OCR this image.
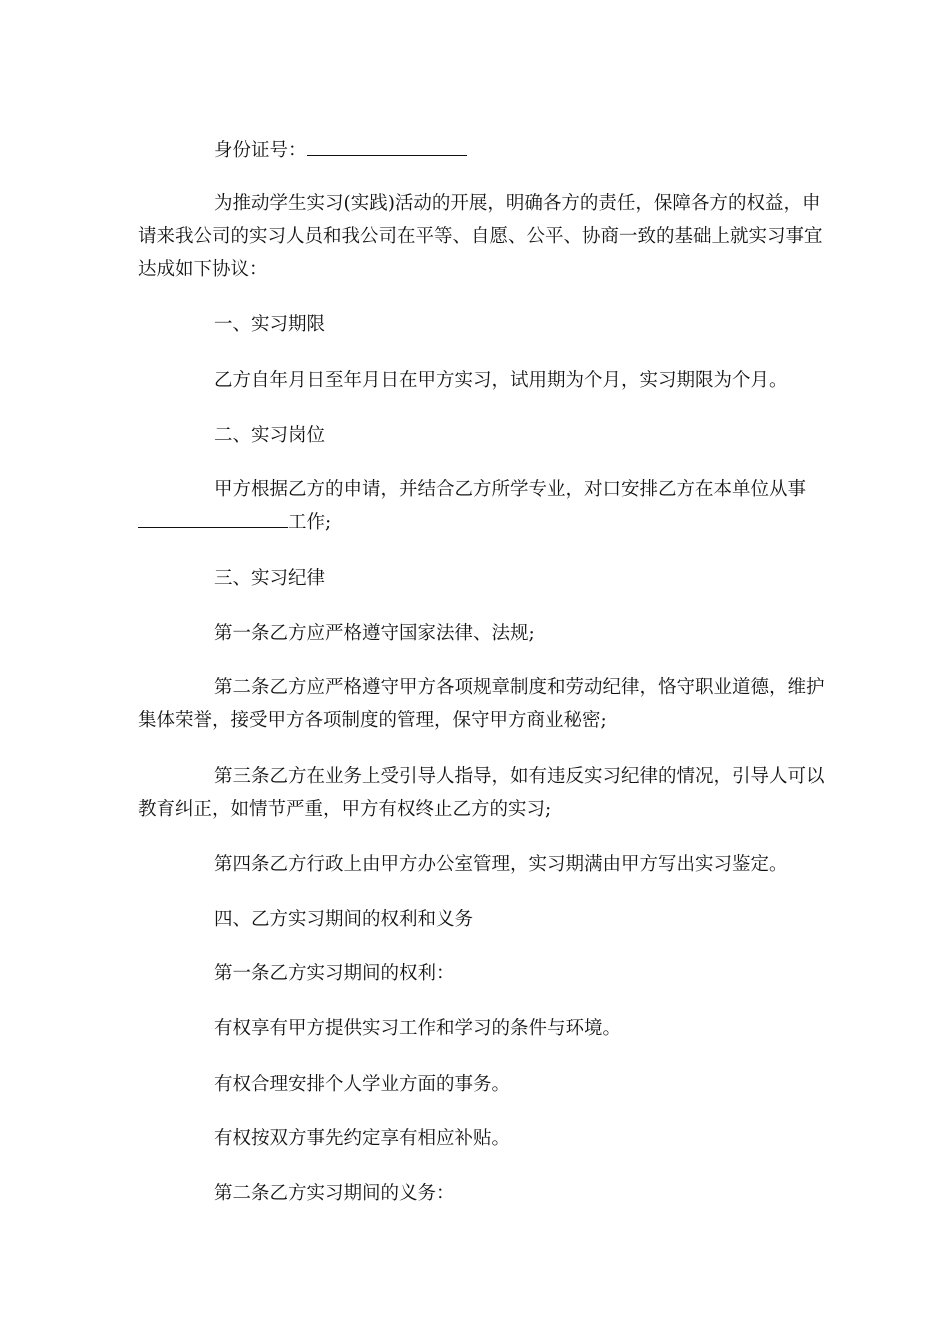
身份证号：

为推动学生实习(实践)活动的开展，明确各方的责任，保障各方的权益，申请来我公司的实习人员和我公司在平等、自愿、公平、协商一致的基础上就实习事宜达成如下协议：

一、实习期限

乙方自年月日至年月日在甲方实习，试用期为个月，实习期限为个月。

二、实习岗位

甲方根据乙方的申请，并结合乙方所学专业，对口安排乙方在本单位从事工作;

三、实习纪律

第一条乙方应严格遵守国家法律、法规;

第二条乙方应严格遵守甲方各项规章制度和劳动纪律，恪守职业道德，维护集体荣誉，接受甲方各项制度的管理，保守甲方商业秘密;

第三条乙方在业务上受引导人指导，如有违反实习纪律的情况，引导人可以教育纠正，如情节严重，甲方有权终止乙方的实习;

第四条乙方行政上由甲方办公室管理，实习期满由甲方写出实习鉴定。

四、乙方实习期间的权利和义务

第一条乙方实习期间的权利：

有权享有甲方提供实习工作和学习的条件与环境。

有权合理安排个人学业方面的事务。

有权按双方事先约定享有相应补贴。

第二条乙方实习期间的义务：
